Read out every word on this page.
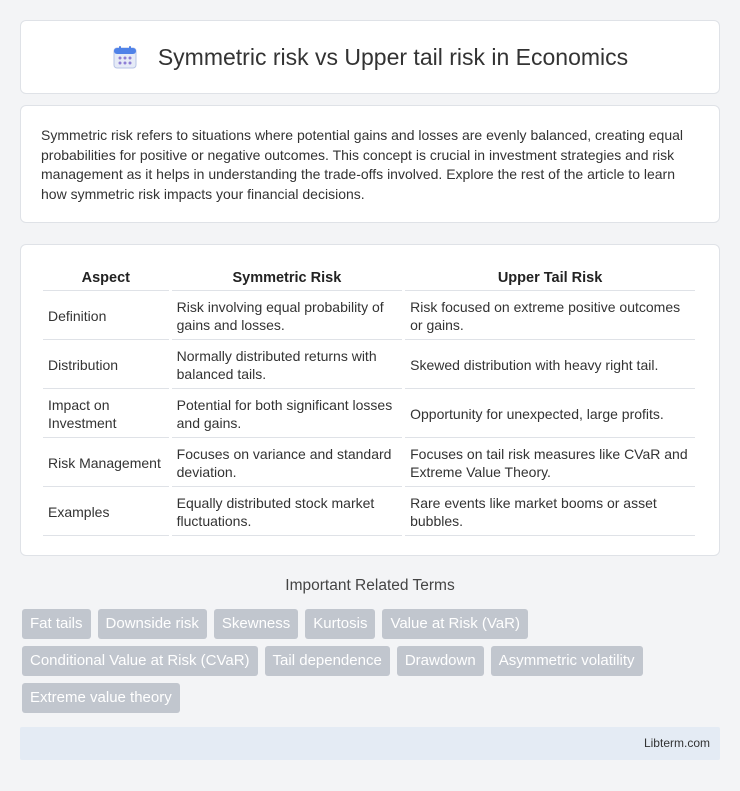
Symmetric risk vs Upper tail risk in Economics

Symmetric risk refers to situations where potential gains and losses are evenly balanced, creating equal probabilities for positive or negative outcomes. This concept is crucial in investment strategies and risk management as it helps in understanding the trade-offs involved. Explore the rest of the article to learn how symmetric risk impacts your financial decisions.

Aspect	Symmetric Risk	Upper Tail Risk
Definition	Risk involving equal probability of gains and losses.	Risk focused on extreme positive outcomes or gains.
Distribution	Normally distributed returns with balanced tails.	Skewed distribution with heavy right tail.
Impact on Investment	Potential for both significant losses and gains.	Opportunity for unexpected, large profits.
Risk Management	Focuses on variance and standard deviation.	Focuses on tail risk measures like CVaR and Extreme Value Theory.
Examples	Equally distributed stock market fluctuations.	Rare events like market booms or asset bubbles.
Important Related Terms
Fat tails	Downside risk	Skewness	Kurtosis	Value at Risk (VaR)
Conditional Value at Risk (CVaR)	Tail dependence	Drawdown	Asymmetric volatility
Extreme value theory
Libterm.com
